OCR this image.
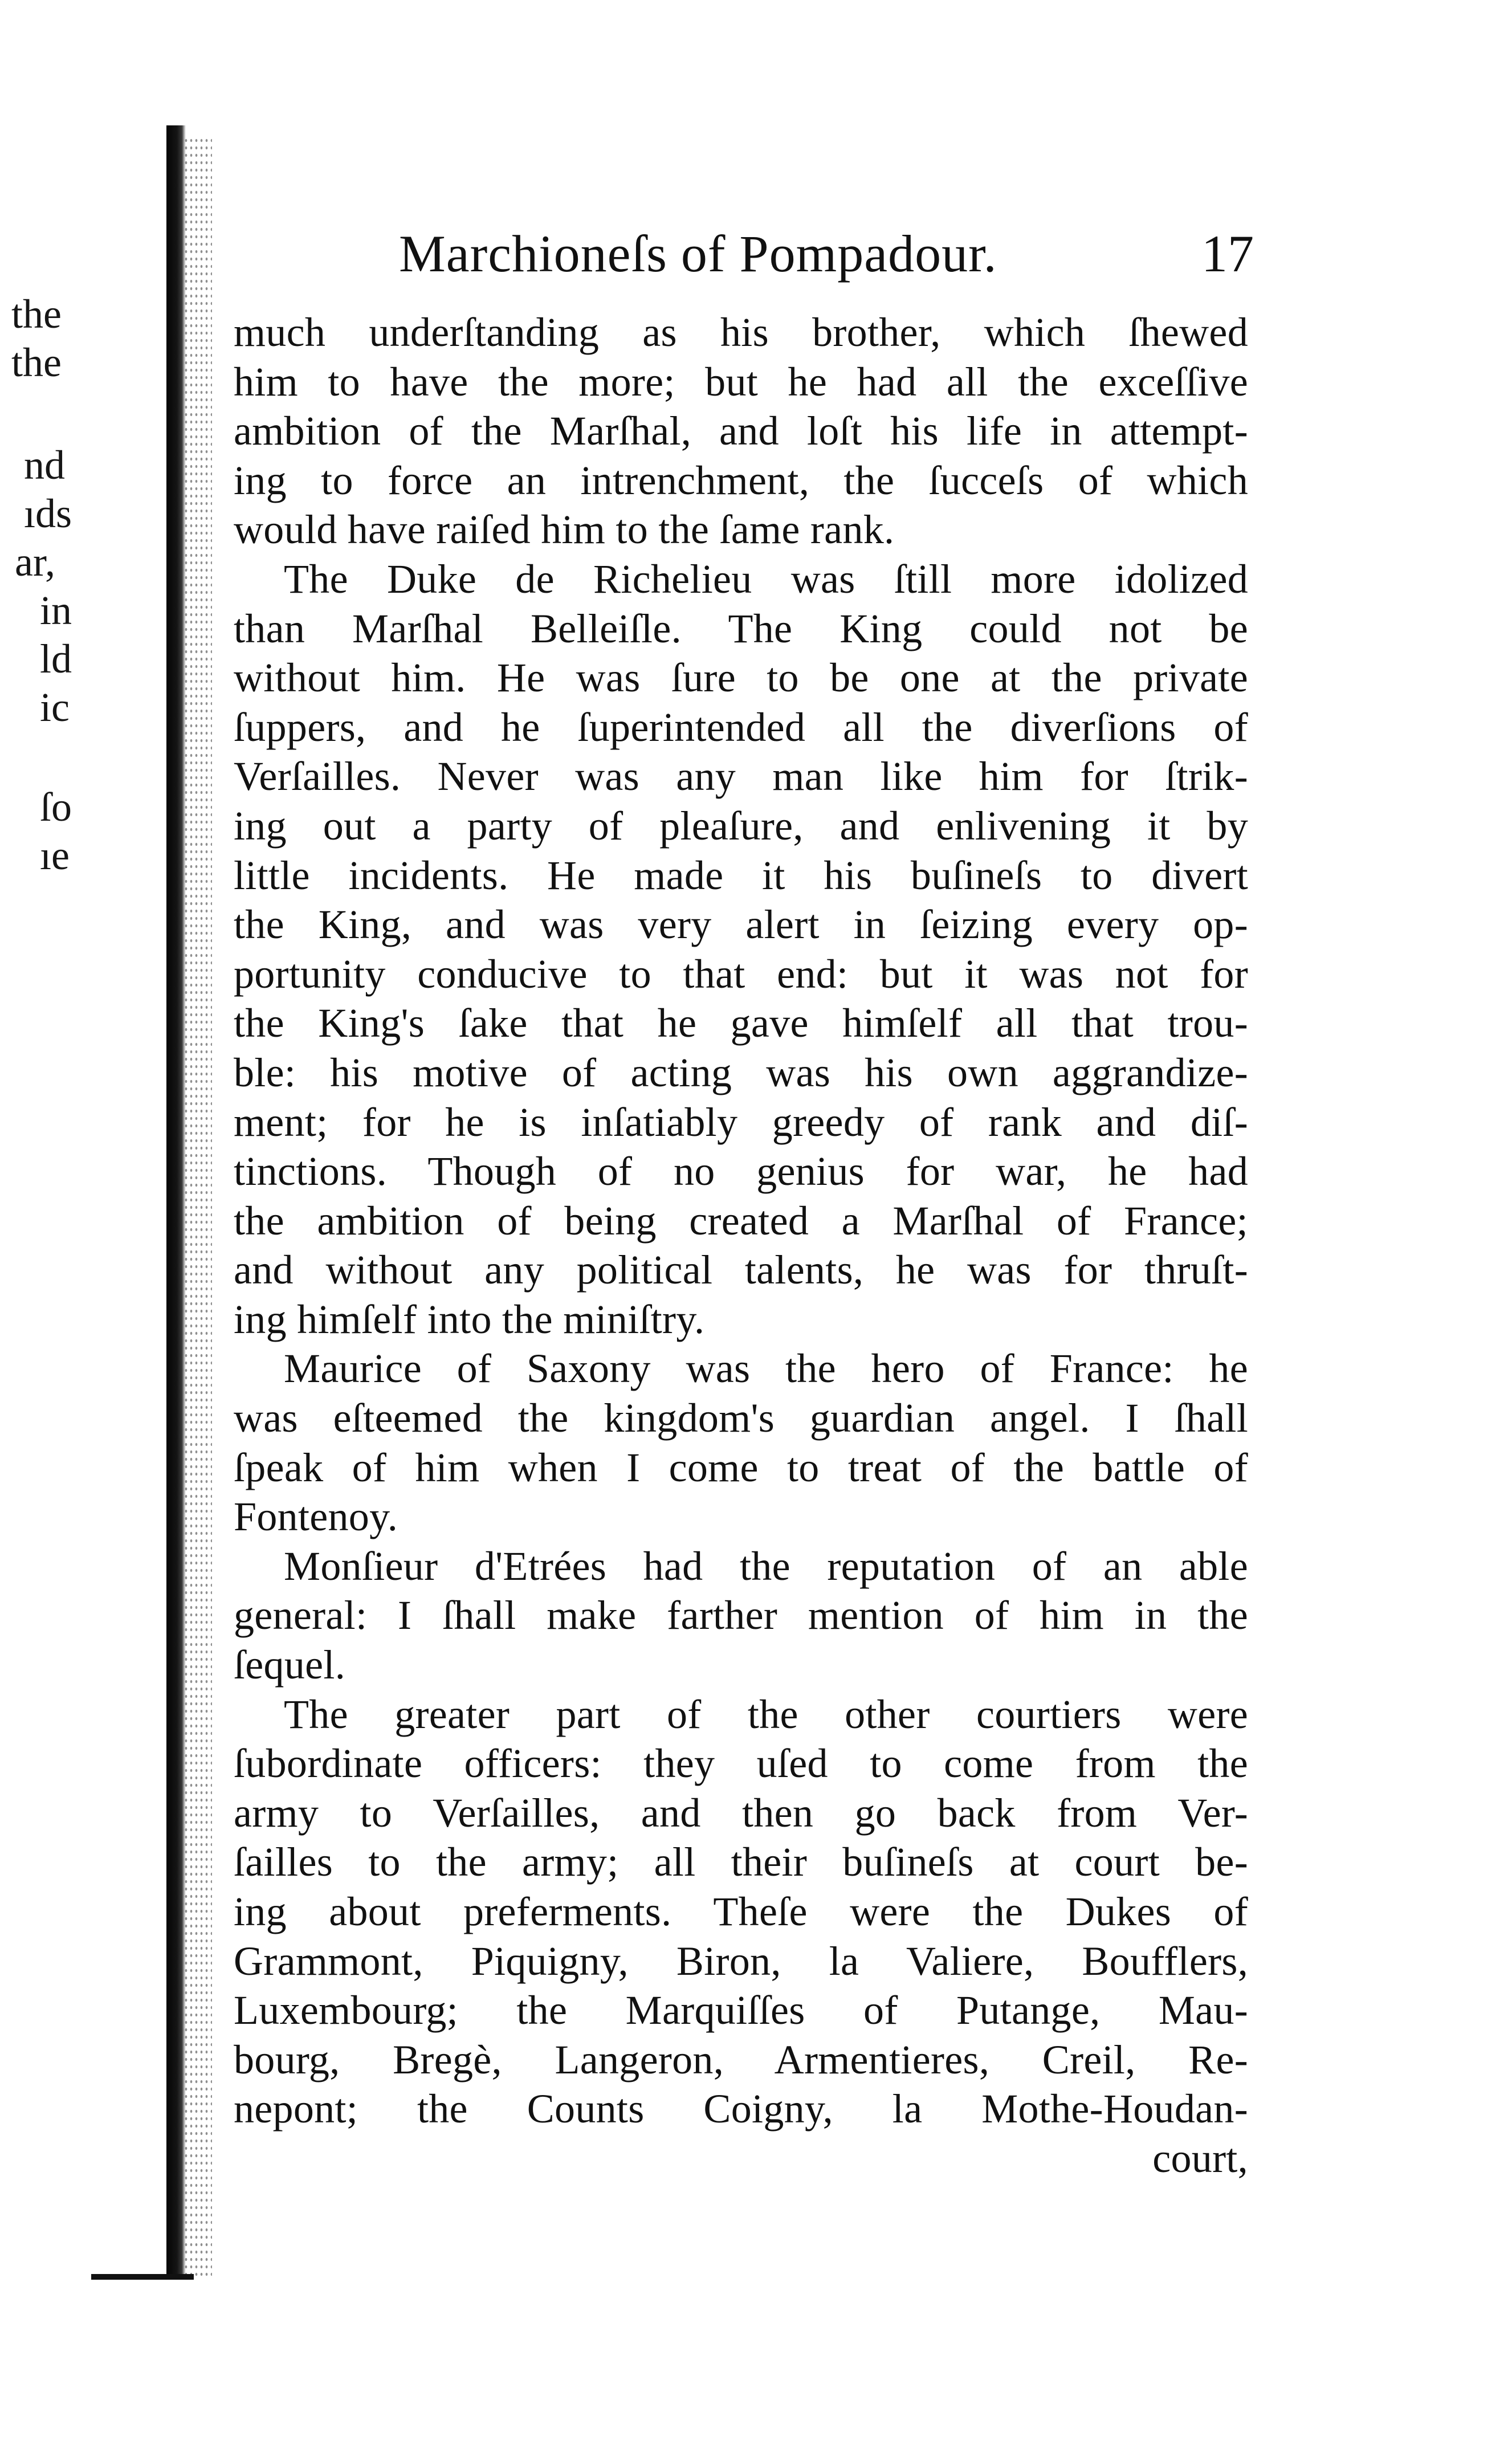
the
the
nd
ıds
ar,
in
ld
ic
ſo
ıe
Marchioneſs of Pompadour.	17
much underſtanding as his brother, which ſhewed
him to have the more; but he had all the exceſſive
ambition of the Marſhal, and loſt his life in attempt-
ing to force an intrenchment, the ſucceſs of which
would have raiſed him to the ſame rank.
The Duke de Richelieu was ſtill more idolized
than Marſhal Belleiſle. The King could not be
without him. He was ſure to be one at the private
ſuppers, and he ſuperintended all the diverſions of
Verſailles. Never was any man like him for ſtrik-
ing out a party of pleaſure, and enlivening it by
little incidents. He made it his buſineſs to divert
the King, and was very alert in ſeizing every op-
portunity conducive to that end: but it was not for
the King's ſake that he gave himſelf all that trou-
ble: his motive of acting was his own aggrandize-
ment; for he is inſatiably greedy of rank and diſ-
tinctions. Though of no genius for war, he had
the ambition of being created a Marſhal of France;
and without any political talents, he was for thruſt-
ing himſelf into the miniſtry.
Maurice of Saxony was the hero of France: he
was eſteemed the kingdom's guardian angel. I ſhall
ſpeak of him when I come to treat of the battle of
Fontenoy.
Monſieur d'Etrées had the reputation of an able
general: I ſhall make farther mention of him in the
ſequel.
The greater part of the other courtiers were
ſubordinate officers: they uſed to come from the
army to Verſailles, and then go back from Ver-
ſailles to the army; all their buſineſs at court be-
ing about preferments. Theſe were the Dukes of
Grammont, Piquigny, Biron, la Valiere, Boufflers,
Luxembourg; the Marquiſſes of Putange, Mau-
bourg, Bregè, Langeron, Armentieres, Creil, Re-
nepont; the Counts Coigny, la Mothe-Houdan-
court,
